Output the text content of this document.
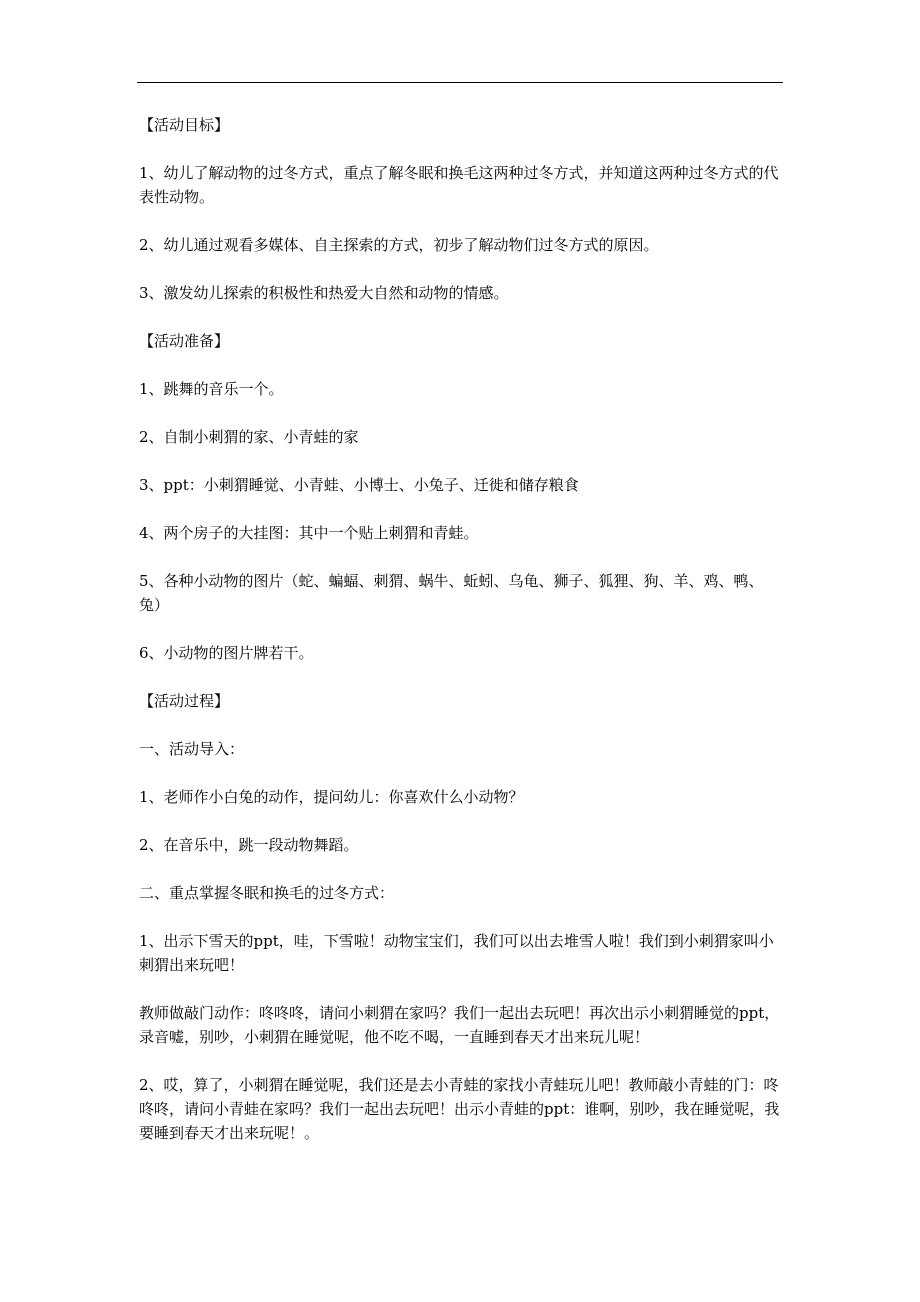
【活动目标】

1、幼儿了解动物的过冬方式，重点了解冬眠和换毛这两种过冬方式，并知道这两种过冬方式的代表性动物。

2、幼儿通过观看多媒体、自主探索的方式，初步了解动物们过冬方式的原因。

3、激发幼儿探索的积极性和热爱大自然和动物的情感。

【活动准备】

1、跳舞的音乐一个。

2、自制小刺猬的家、小青蛙的家

3、ppt：小刺猬睡觉、小青蛙、小博士、小兔子、迁徙和储存粮食

4、两个房子的大挂图：其中一个贴上刺猬和青蛙。

5、各种小动物的图片（蛇、蝙蝠、刺猬、蜗牛、蚯蚓、乌龟、狮子、狐狸、狗、羊、鸡、鸭、兔）

6、小动物的图片牌若干。

【活动过程】

一、活动导入：

1、老师作小白兔的动作，提问幼儿：你喜欢什么小动物？

2、在音乐中，跳一段动物舞蹈。

二、重点掌握冬眠和换毛的过冬方式：

1、出示下雪天的ppt，哇，下雪啦！动物宝宝们，我们可以出去堆雪人啦！我们到小刺猬家叫小刺猬出来玩吧！

教师做敲门动作：咚咚咚，请问小刺猬在家吗？我们一起出去玩吧！再次出示小刺猬睡觉的ppt，录音嘘，别吵，小刺猬在睡觉呢，他不吃不喝，一直睡到春天才出来玩儿呢！

2、哎，算了，小刺猬在睡觉呢，我们还是去小青蛙的家找小青蛙玩儿吧！教师敲小青蛙的门：咚咚咚，请问小青蛙在家吗？我们一起出去玩吧！出示小青蛙的ppt：谁啊，别吵，我在睡觉呢，我要睡到春天才出来玩呢！。
